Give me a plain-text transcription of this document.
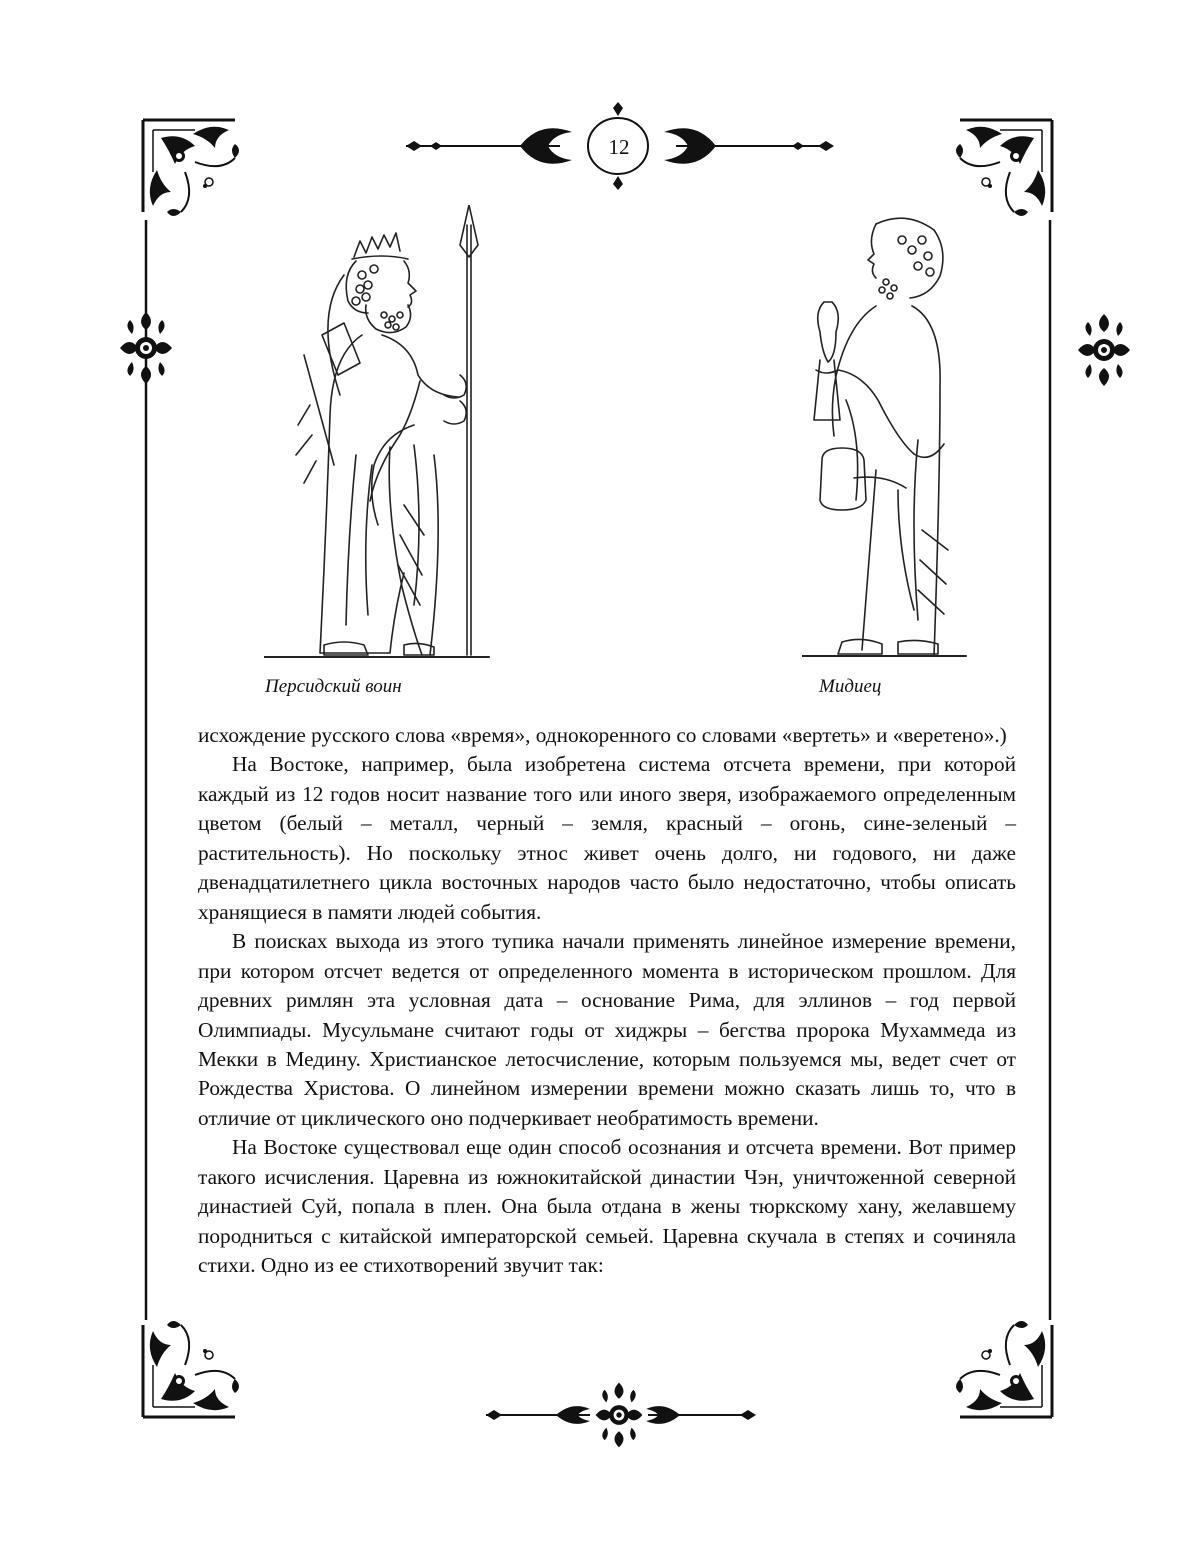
12
Персидский воин	Мидиец

исхождение русского слова «время», однокоренного со словами «вертеть» и «веретено».)

На Востоке, например, была изобретена система отсчета времени, при которой каждый из 12 годов носит название того или иного зверя, изображаемого определенным цветом (белый – металл, черный – земля, красный – огонь, сине-зеленый – растительность). Но поскольку этнос живет очень долго, ни годового, ни даже двенадцатилетнего цикла восточных народов часто было недостаточно, чтобы описать хранящиеся в памяти людей события.

В поисках выхода из этого тупика начали применять линейное измерение времени, при котором отсчет ведется от определенного момента в историческом прошлом. Для древних римлян эта условная дата – основание Рима, для эллинов – год первой Олимпиады. Мусульмане считают годы от хиджры – бегства пророка Мухаммеда из Мекки в Медину. Христианское летосчисление, которым пользуемся мы, ведет счет от Рождества Христова. О линейном измерении времени можно сказать лишь то, что в отличие от циклического оно подчеркивает необратимость времени.

На Востоке существовал еще один способ осознания и отсчета времени. Вот пример такого исчисления. Царевна из южнокитайской династии Чэн, уничтоженной северной династией Суй, попала в плен. Она была отдана в жены тюркскому хану, желавшему породниться с китайской императорской семьей. Царевна скучала в степях и сочиняла стихи. Одно из ее стихотворений звучит так:
